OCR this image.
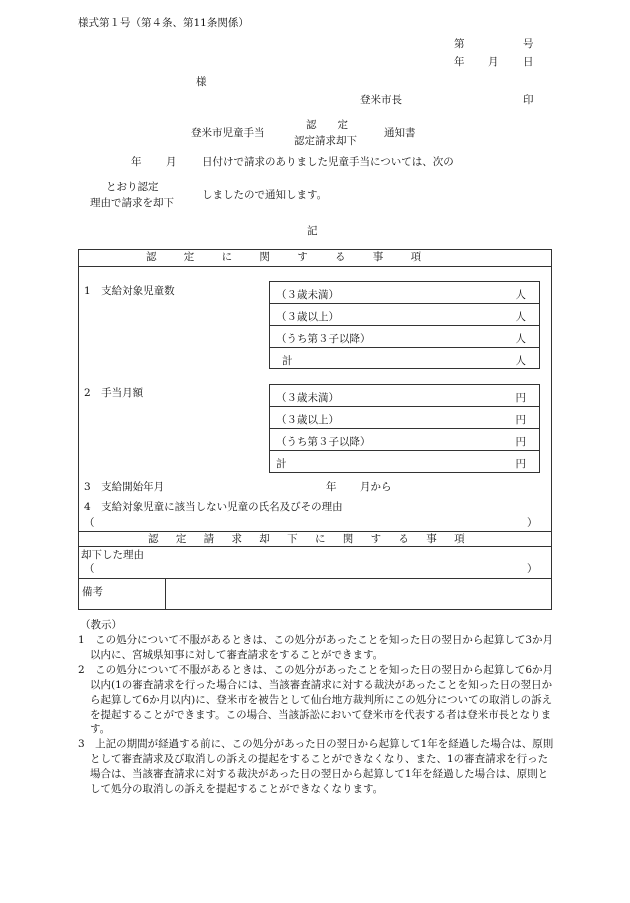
様式第１号（第４条、第11条関係）
第	号
年 月 日
様
登米市長	印
登米市児童手当
認　　定
認定請求却下
通知書
年 月 日付けで請求のありました児童手当については、次の
とおり認定
理由で請求を却下
しましたので通知します。
記
認定に関する事項
1　支給対象児童数	（３歳未満）	人
（３歳以上）	人
（うち第３子以降）	人
計	人
2　手当月額	（３歳未満）	円
（３歳以上）	円
（うち第３子以降）	円
計	円
3　支給開始年月	年 月から
4　支給対象児童に該当しない児童の氏名及びその理由
（	）
認定請求却下に関する事項
却下した理由
（	）
備考
（教示）

1　この処分について不服があるときは、この処分があったことを知った日の翌日から起算して3か月以内に、宮城県知事に対して審査請求をすることができます。

2　この処分について不服があるときは、この処分があったことを知った日の翌日から起算して6か月以内(1の審査請求を行った場合には、当該審査請求に対する裁決があったことを知った日の翌日から起算して6か月以内)に、登米市を被告として仙台地方裁判所にこの処分についての取消しの訴えを提起することができます。この場合、当該訴訟において登米市を代表する者は登米市長となります。

3　上記の期間が経過する前に、この処分があった日の翌日から起算して1年を経過した場合は、原則として審査請求及び取消しの訴えの提起をすることができなくなり、また、1の審査請求を行った場合は、当該審査請求に対する裁決があった日の翌日から起算して1年を経過した場合は、原則として処分の取消しの訴えを提起することができなくなります。
